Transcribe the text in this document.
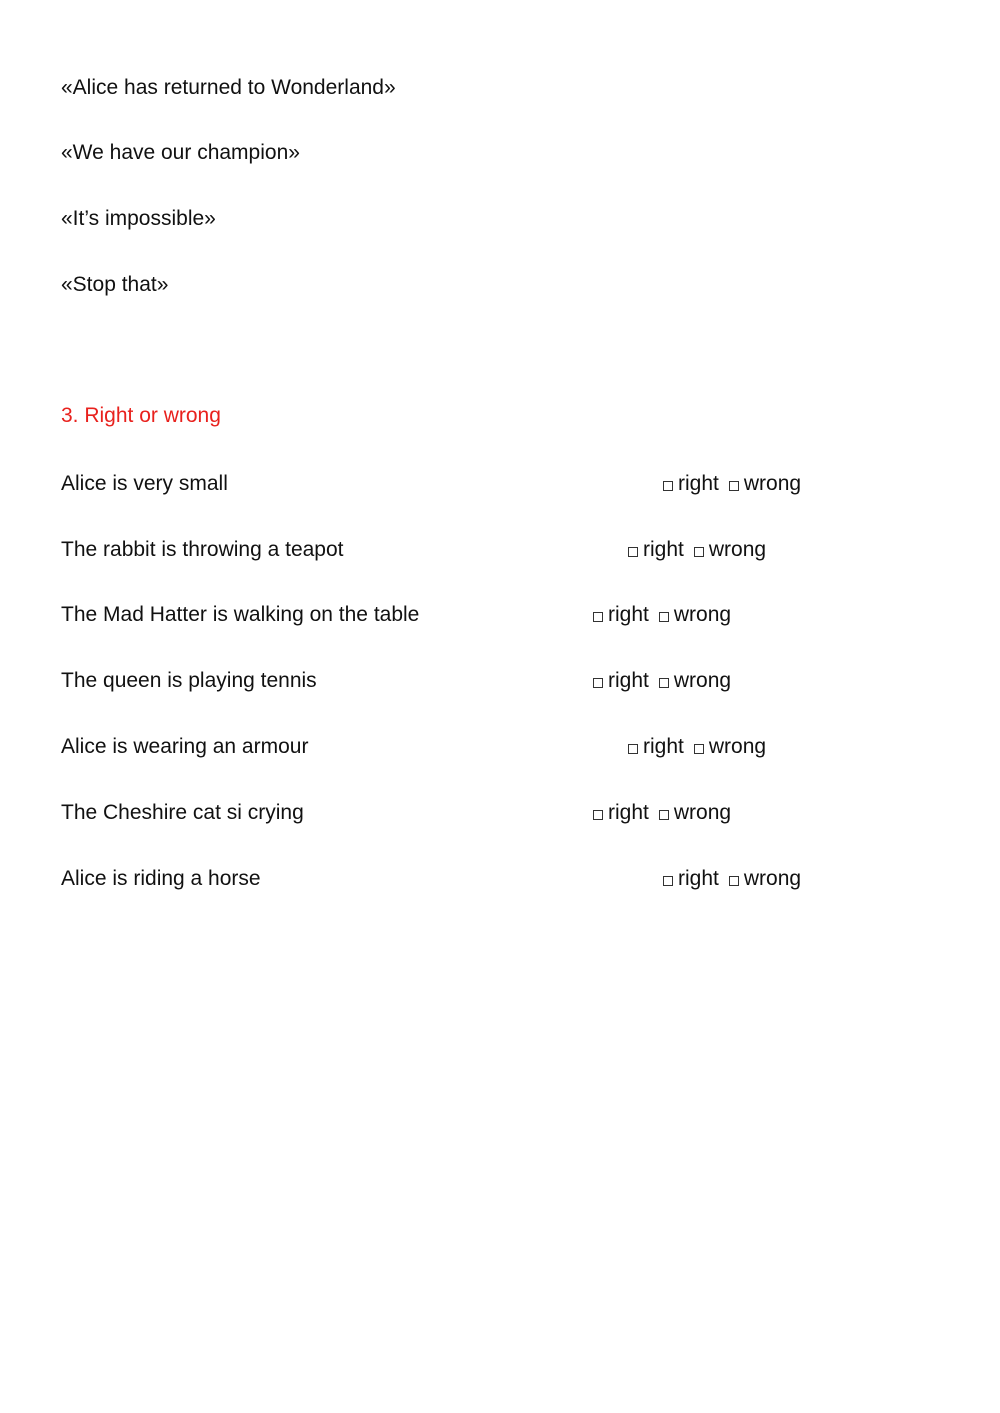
«Alice has returned to Wonderland»
«We have our champion»
«It’s impossible»
«Stop that»
3. Right or wrong
Alice is very small	right wrong
The rabbit is throwing a teapot	right wrong
The Mad Hatter is walking on the table	right wrong
The queen is playing tennis	right wrong
Alice is wearing an armour	right wrong
The Cheshire cat si crying	right wrong
Alice is riding a horse	right wrong
